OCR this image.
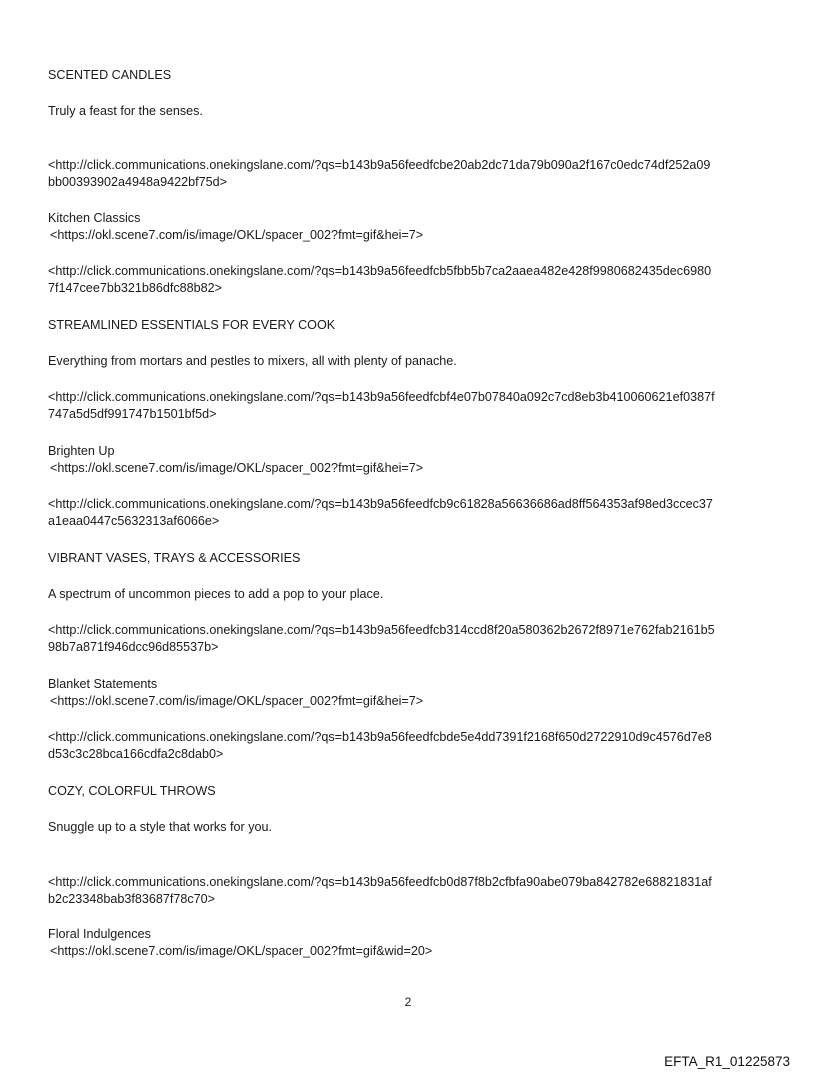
SCENTED CANDLES
Truly a feast for the senses.
<http://click.communications.onekingslane.com/?qs=b143b9a56feedfcbe20ab2dc71da79b090a2f167c0edc74df252a09
bb00393902a4948a9422bf75d>
Kitchen Classics
<https://okl.scene7.com/is/image/OKL/spacer_002?fmt=gif&hei=7>
<http://click.communications.onekingslane.com/?qs=b143b9a56feedfcb5fbb5b7ca2aaea482e428f9980682435dec6980
7f147cee7bb321b86dfc88b82>
STREAMLINED ESSENTIALS FOR EVERY COOK
Everything from mortars and pestles to mixers, all with plenty of panache.
<http://click.communications.onekingslane.com/?qs=b143b9a56feedfcbf4e07b07840a092c7cd8eb3b410060621ef0387f
747a5d5df991747b1501bf5d>
Brighten Up
<https://okl.scene7.com/is/image/OKL/spacer_002?fmt=gif&hei=7>
<http://click.communications.onekingslane.com/?qs=b143b9a56feedfcb9c61828a56636686ad8ff564353af98ed3ccec37
a1eaa0447c5632313af6066e>
VIBRANT VASES, TRAYS & ACCESSORIES
A spectrum of uncommon pieces to add a pop to your place.
<http://click.communications.onekingslane.com/?qs=b143b9a56feedfcb314ccd8f20a580362b2672f8971e762fab2161b5
98b7a871f946dcc96d85537b>
Blanket Statements
<https://okl.scene7.com/is/image/OKL/spacer_002?fmt=gif&hei=7>
<http://click.communications.onekingslane.com/?qs=b143b9a56feedfcbde5e4dd7391f2168f650d2722910d9c4576d7e8
d53c3c28bca166cdfa2c8dab0>
COZY, COLORFUL THROWS
Snuggle up to a style that works for you.
<http://click.communications.onekingslane.com/?qs=b143b9a56feedfcb0d87f8b2cfbfa90abe079ba842782e68821831af
b2c23348bab3f83687f78c70>
Floral Indulgences
<https://okl.scene7.com/is/image/OKL/spacer_002?fmt=gif&wid=20>
2
EFTA_R1_01225873
